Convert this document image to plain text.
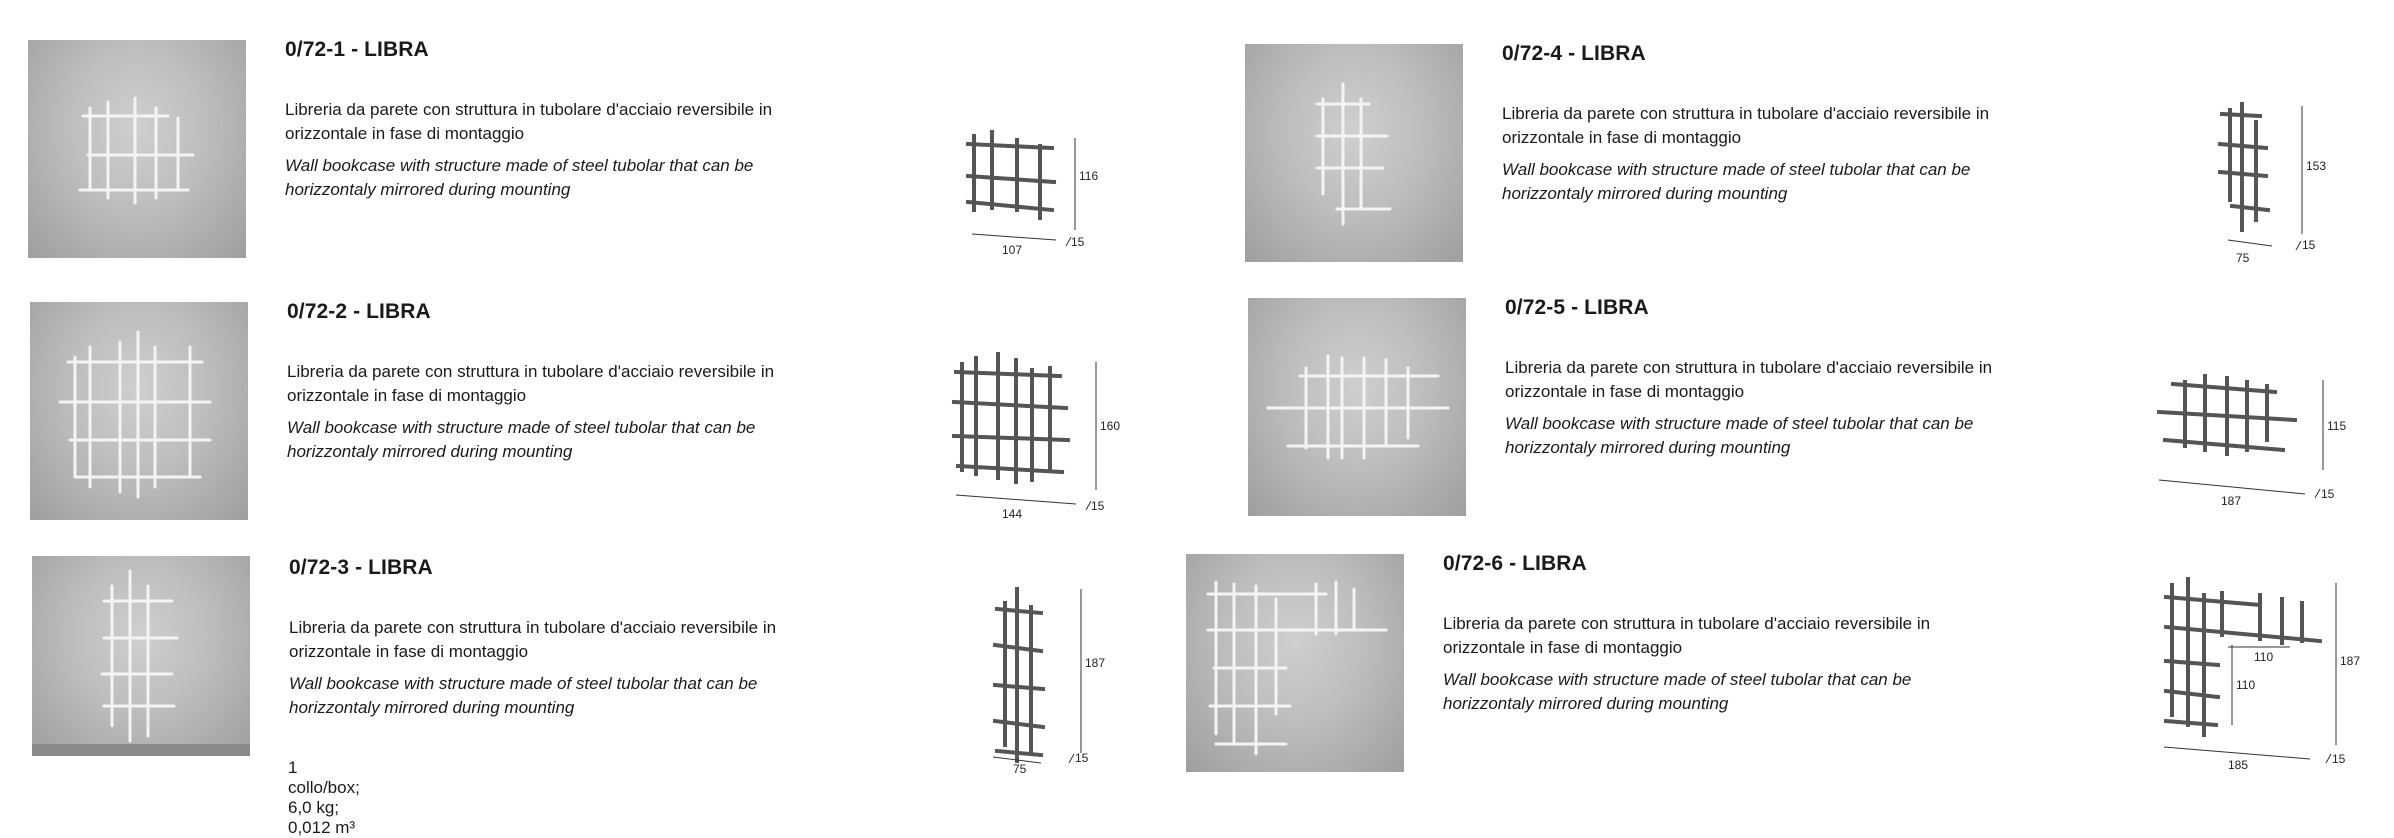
0/72-1 - LIBRA
Libreria da parete con struttura in tubolare d'acciaio reversibile in orizzontale in fase di montaggio
Wall bookcase with structure made of steel tubolar that can be horizzontaly mirrored during mounting
116
107
15
0/72-2 - LIBRA
Libreria da parete con struttura in tubolare d'acciaio reversibile in orizzontale in fase di montaggio
Wall bookcase with structure made of steel tubolar that can be horizzontaly mirrored during mounting
160
144
15
0/72-3 - LIBRA
Libreria da parete con struttura in tubolare d'acciaio reversibile in orizzontale in fase di montaggio
Wall bookcase with structure made of steel tubolar that can be horizzontaly mirrored during mounting
1 collo/box; 6,0 kg; 0,012 m³
187
75
15
0/72-4 - LIBRA
Libreria da parete con struttura in tubolare d'acciaio reversibile in orizzontale in fase di montaggio
Wall bookcase with structure made of steel tubolar that can be horizzontaly mirrored during mounting
153
75
15
0/72-5 - LIBRA
Libreria da parete con struttura in tubolare d'acciaio reversibile in orizzontale in fase di montaggio
Wall bookcase with structure made of steel tubolar that can be horizzontaly mirrored during mounting
115
187	15
0/72-6 - LIBRA
Libreria da parete con struttura in tubolare d'acciaio reversibile in orizzontale in fase di montaggio
Wall bookcase with structure made of steel tubolar that can be horizzontaly mirrored during mounting
187
185	15
110
110
